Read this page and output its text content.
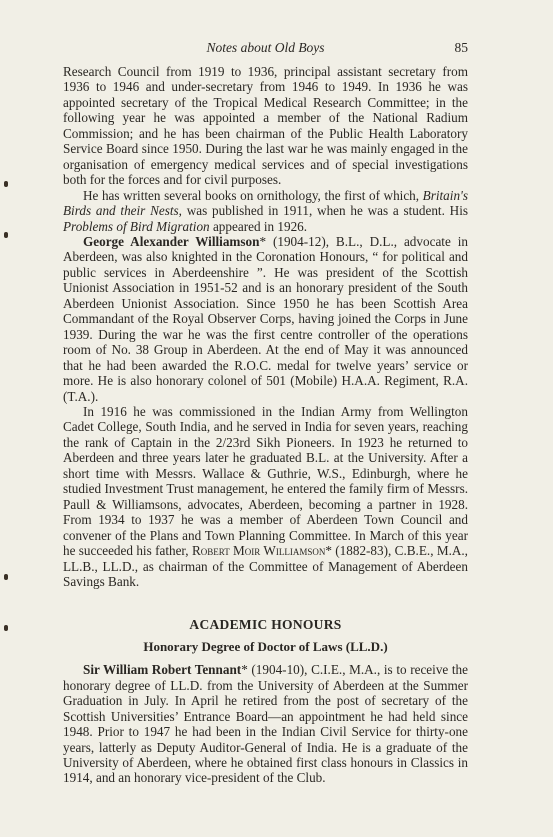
Notes about Old Boys	85

Research Council from 1919 to 1936, principal assistant secretary from 1936 to 1946 and under-secretary from 1946 to 1949. In 1936 he was appointed secretary of the Tropical Medical Research Committee; in the following year he was appointed a member of the National Radium Commission; and he has been chairman of the Public Health Laboratory Service Board since 1950. During the last war he was mainly engaged in the organisation of emergency medical services and of special investigations both for the forces and for civil purposes.

He has written several books on ornithology, the first of which, Britain's Birds and their Nests, was published in 1911, when he was a student. His Problems of Bird Migration appeared in 1926.

George Alexander Williamson* (1904-12), B.L., D.L., advocate in Aberdeen, was also knighted in the Coronation Honours, “ for political and public services in Aberdeenshire ”. He was president of the Scottish Unionist Association in 1951-52 and is an honorary president of the South Aberdeen Unionist Association. Since 1950 he has been Scottish Area Commandant of the Royal Observer Corps, having joined the Corps in June 1939. During the war he was the first centre controller of the operations room of No. 38 Group in Aberdeen. At the end of May it was announced that he had been awarded the R.O.C. medal for twelve years’ service or more. He is also honorary colonel of 501 (Mobile) H.A.A. Regiment, R.A. (T.A.).

In 1916 he was commissioned in the Indian Army from Wellington Cadet College, South India, and he served in India for seven years, reaching the rank of Captain in the 2/23rd Sikh Pioneers. In 1923 he returned to Aberdeen and three years later he graduated B.L. at the University. After a short time with Messrs. Wallace & Guthrie, W.S., Edinburgh, where he studied Investment Trust management, he entered the family firm of Messrs. Paull & Williamsons, advocates, Aberdeen, becoming a partner in 1928. From 1934 to 1937 he was a member of Aberdeen Town Council and convener of the Plans and Town Planning Committee. In March of this year he succeeded his father, Robert Moir Williamson* (1882-83), C.B.E., M.A., LL.B., LL.D., as chairman of the Committee of Management of Aberdeen Savings Bank.

ACADEMIC HONOURS
Honorary Degree of Doctor of Laws (LL.D.)

Sir William Robert Tennant* (1904-10), C.I.E., M.A., is to receive the honorary degree of LL.D. from the University of Aberdeen at the Summer Graduation in July. In April he retired from the post of secretary of the Scottish Universities’ Entrance Board—an appointment he had held since 1948. Prior to 1947 he had been in the Indian Civil Service for thirty-one years, latterly as Deputy Auditor-General of India. He is a graduate of the University of Aberdeen, where he obtained first class honours in Classics in 1914, and an honorary vice-president of the Club.
